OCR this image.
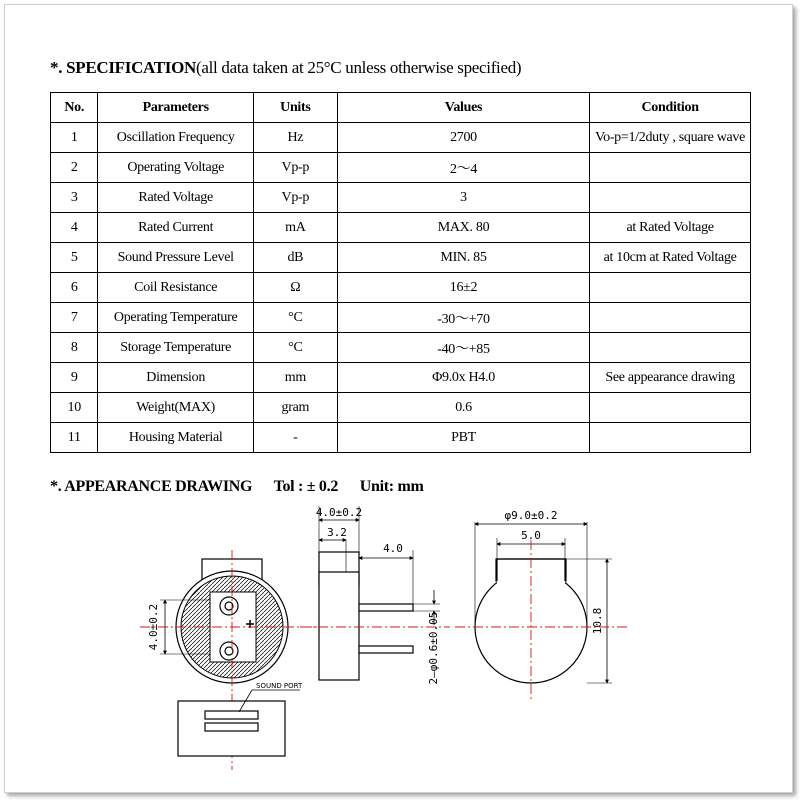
*. SPECIFICATION(all data taken at 25°C unless otherwise specified)
No.	Parameters	Units	Values	Condition
1	Oscillation Frequency	Hz	2700	Vo-p=1/2duty , square wave
2	Operating Voltage	Vp-p	2～4	
3	Rated Voltage	Vp-p	3	
4	Rated Current	mA	MAX. 80	at Rated Voltage
5	Sound Pressure Level	dB	MIN. 85	at 10cm at Rated Voltage
6	Coil Resistance	Ω	16±2	
7	Operating Temperature	°C	-30～+70	
8	Storage Temperature	°C	-40～+85	
9	Dimension	mm	Φ9.0x H4.0	See appearance drawing
10	Weight(MAX)	gram	0.6	
11	Housing Material	-	PBT	
*. APPEARANCE DRAWING Tol : ± 0.2 Unit: mm
4.0±0.2
SOUND PORT
4.0±0.2
3.2
4.0
2–φ0.6±0.05
φ9.0±0.2
5.0
10.8
